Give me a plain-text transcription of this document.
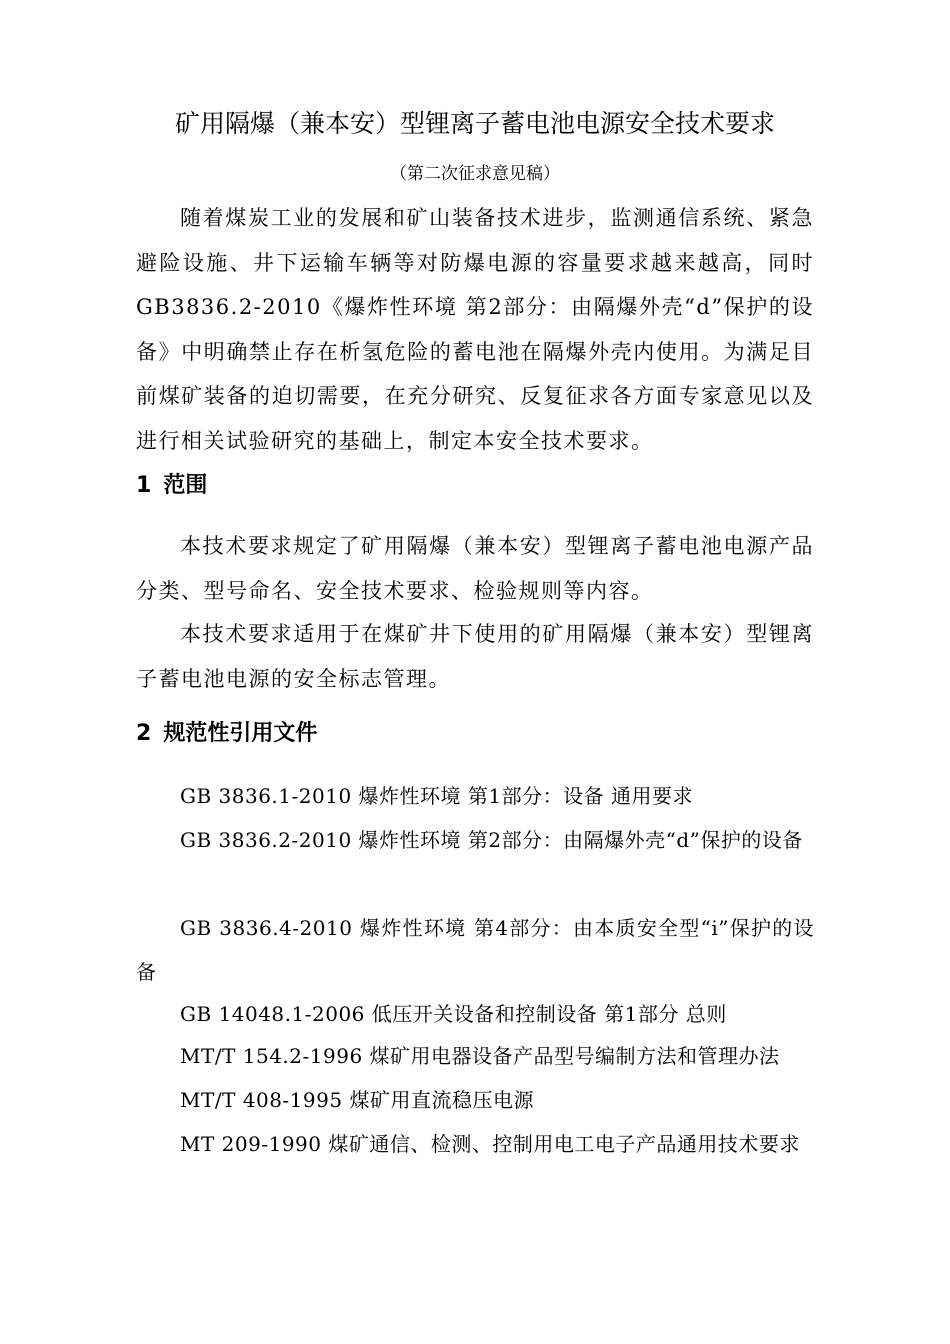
矿用隔爆（兼本安）型锂离子蓄电池电源安全技术要求
（第二次征求意见稿）

随着煤炭工业的发展和矿山装备技术进步，监测通信系统、紧急避险设施、井下运输车辆等对防爆电源的容量要求越来越高，同时GB3836.2-2010《爆炸性环境 第2部分：由隔爆外壳“d”保护的设备》中明确禁止存在析氢危险的蓄电池在隔爆外壳内使用。为满足目前煤矿装备的迫切需要，在充分研究、反复征求各方面专家意见以及进行相关试验研究的基础上，制定本安全技术要求。

1 范围

本技术要求规定了矿用隔爆（兼本安）型锂离子蓄电池电源产品分类、型号命名、安全技术要求、检验规则等内容。

本技术要求适用于在煤矿井下使用的矿用隔爆（兼本安）型锂离子蓄电池电源的安全标志管理。

2 规范性引用文件

GB 3836.1-2010 爆炸性环境 第1部分：设备 通用要求

GB 3836.2-2010 爆炸性环境 第2部分：由隔爆外壳“d”保护的设备

GB 3836.4-2010 爆炸性环境 第4部分：由本质安全型“i”保护的设备

GB 14048.1-2006 低压开关设备和控制设备 第1部分 总则

MT/T 154.2-1996 煤矿用电器设备产品型号编制方法和管理办法

MT/T 408-1995 煤矿用直流稳压电源

MT 209-1990 煤矿通信、检测、控制用电工电子产品通用技术要求
